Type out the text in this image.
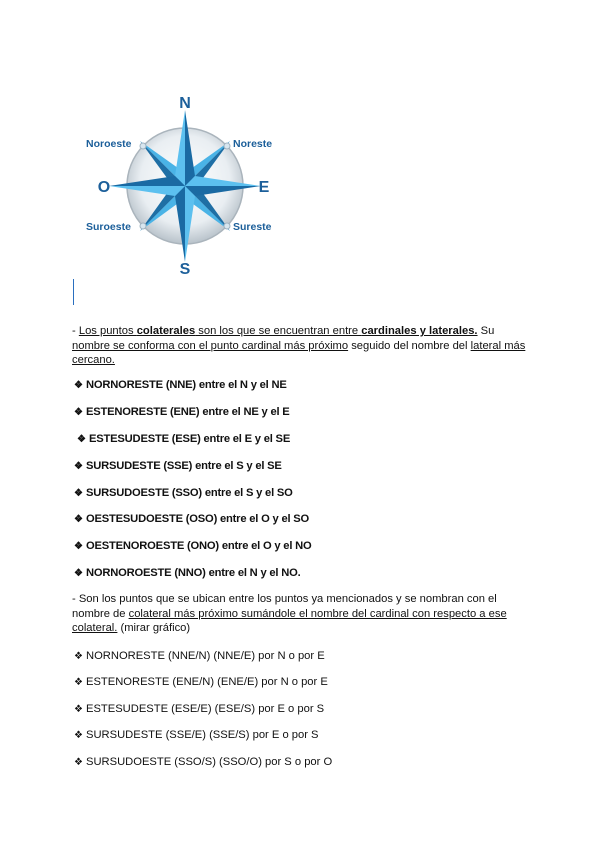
N
S
E
O
Noroeste	Noreste
Suroeste	Sureste
- Los puntos colaterales son los que se encuentran entre cardinales y laterales. Su nombre se conforma con el punto cardinal más próximo seguido del nombre del lateral más cercano.
❖ NORNORESTE (NNE) entre el N y el NE
❖ ESTENORESTE (ENE) entre el NE y el E
❖ ESTESUDESTE (ESE) entre el E y el SE
❖ SURSUDESTE (SSE) entre el S y el SE
❖ SURSUDOESTE (SSO) entre el S y el SO
❖ OESTESUDOESTE (OSO) entre el O y el SO
❖ OESTENOROESTE (ONO) entre el O y el NO
❖ NORNOROESTE (NNO) entre el N y el NO.
- Son los puntos que se ubican entre los puntos ya mencionados y se nombran con el nombre de colateral más próximo sumándole el nombre del cardinal con respecto a ese colateral. (mirar gráfico)
❖ NORNORESTE (NNE/N) (NNE/E) por N o por E
❖ ESTENORESTE (ENE/N) (ENE/E) por N o por E
❖ ESTESUDESTE (ESE/E) (ESE/S) por E o por S
❖ SURSUDESTE (SSE/E) (SSE/S) por E o por S
❖ SURSUDOESTE (SSO/S) (SSO/O) por S o por O
